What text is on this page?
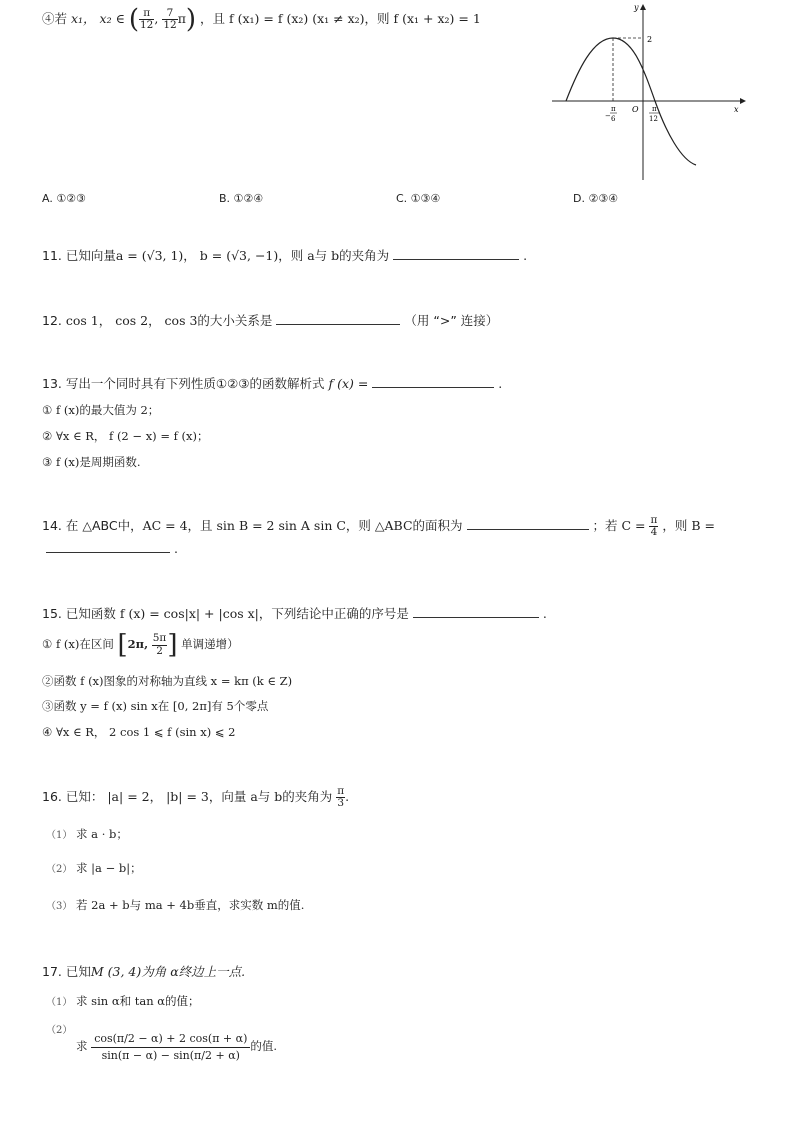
④若 x₁， x₂ ∈ ( $\frac{\pi}{12}$ , $\frac{7}{12} \pi$) ，且 f (x₁) = f (x₂) (x₁ ≠ x₂)，则 f (x₁ + x₂) = 1
y
x
O
2
−
π
6
π
12
A. ①②③	B. ①②④	C. ①③④	D. ②③④
11. 已知向量a = (√3, 1)， b = (√3, −1)，则 a与 b的夹角为	.
12. cos 1， cos 2， cos 3的大小关系是	（用 “>” 连接）
13. 写出一个同时具有下列性质①②③的函数解析式 f (x) =	.
① f (x)的最大值为 2；
② ∀x ∈ R， f (2 − x) = f (x)；
③ f (x)是周期函数.
14. 在 △ABC中，AC = 4，且 sin B = 2 sin A sin C，则 △ABC的面积为	；若 $C = \frac{\pi}{4}$ ，则 B =
.
15. 已知函数 f (x) = cos|x| + |cos x|，下列结论中正确的序号是	.
① f (x)在区间 [2π, $\frac{5\pi}{2}$ ] 单调递增）
②函数 f (x)图象的对称轴为直线 x = kπ (k ∈ Z)
③函数 y = f (x) sin x在 [0, 2π]有 5个零点
④ ∀x ∈ R， 2 cos 1 ⩽ f (sin x) ⩽ 2
16. 已知： |a| = 2， |b| = 3，向量 a与 b的夹角为 $\frac{\pi}{3}$ .
（1） 求 a · b；
（2） 求 |a − b|；
（3） 若 2a + b与 ma + 4b垂直，求实数 m的值.
17. 已知M (3, 4)为角 α终边上一点.
（1） 求 sin α和 tan α的值；
（2） 求 $\frac{\cos(\pi/2 - \alpha) + 2 \cos(\pi + \alpha)}{\sin(\pi - \alpha) - \sin(\pi/2 + \alpha)}$ 的值.
